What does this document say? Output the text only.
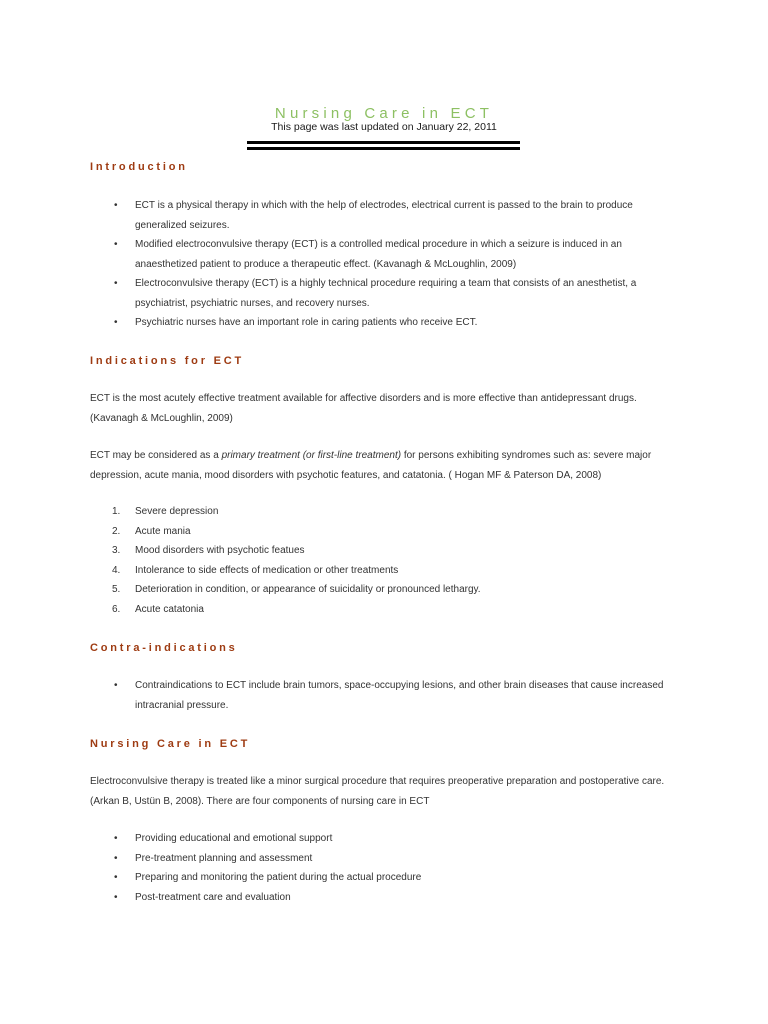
Nursing Care in ECT
This page was last updated on January 22, 2011
Introduction
• ECT is a physical therapy in which with the help of electrodes, electrical current is passed to the brain to produce generalized seizures.
• Modified electroconvulsive therapy (ECT) is a controlled medical procedure in which a seizure is induced in an anaesthetized patient to produce a therapeutic effect. (Kavanagh & McLoughlin, 2009)
• Electroconvulsive therapy (ECT) is a highly technical procedure requiring a team that consists of an anesthetist, a psychiatrist, psychiatric nurses, and recovery nurses.
• Psychiatric nurses have an important role in caring patients who receive ECT.
Indications for ECT

ECT is the most acutely effective treatment available for affective disorders and is more effective than antidepressant drugs. (Kavanagh & McLoughlin, 2009)

ECT may be considered as a primary treatment (or first-line treatment) for persons exhibiting syndromes such as: severe major depression, acute mania, mood disorders with psychotic features, and catatonia. ( Hogan MF & Paterson DA, 2008)

1. Severe depression
2. Acute mania
3. Mood disorders with psychotic featues
4. Intolerance to side effects of medication or other treatments
5. Deterioration in condition, or appearance of suicidality or pronounced lethargy.
6. Acute catatonia
Contra-indications
• Contraindications to ECT include brain tumors, space-occupying lesions, and other brain diseases that cause increased intracranial pressure.
Nursing Care in ECT

Electroconvulsive therapy is treated like a minor surgical procedure that requires preoperative preparation and postoperative care. (Arkan B, Ustün B, 2008). There are four components of nursing care in ECT

• Providing educational and emotional support
• Pre-treatment planning and assessment
• Preparing and monitoring the patient during the actual procedure
• Post-treatment care and evaluation
